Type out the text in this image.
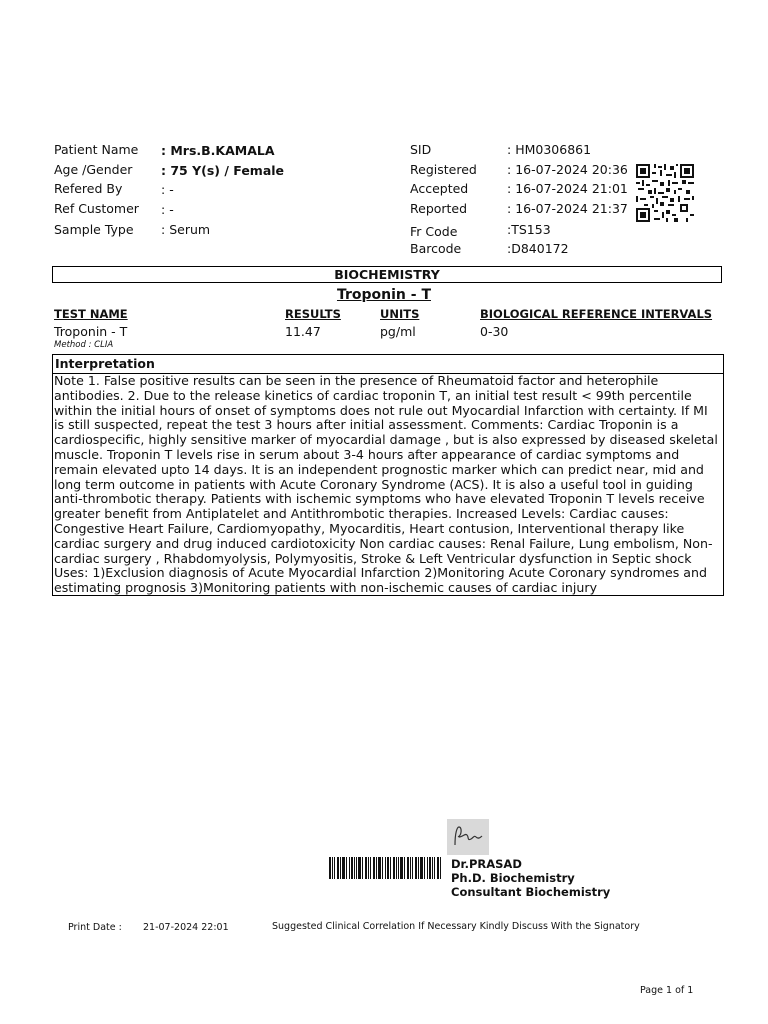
Patient Name : Mrs.B.KAMALA
Age /Gender : 75 Y(s) / Female
Refered By	: -
Ref Customer : -
Sample Type : Serum
SID	: HM0306861
Registered : 16-07-2024 20:36
Accepted	: 16-07-2024 21:01
Reported	: 16-07-2024 21:37
Fr Code	:TS153
Barcode	:D840172
BIOCHEMISTRY
Troponin - T
TEST NAME	RESULTS	UNITS	BIOLOGICAL REFERENCE INTERVALS
Troponin - T	11.47	pg/ml	0-30
Method : CLIA
Interpretation
Note 1. False positive results can be seen in the presence of Rheumatoid factor and heterophile
antibodies. 2. Due to the release kinetics of cardiac troponin T, an initial test result < 99th percentile
within the initial hours of onset of symptoms does not rule out Myocardial Infarction with certainty. If MI
is still suspected, repeat the test 3 hours after initial assessment. Comments: Cardiac Troponin is a
cardiospecific, highly sensitive marker of myocardial damage , but is also expressed by diseased skeletal
muscle. Troponin T levels rise in serum about 3-4 hours after appearance of cardiac symptoms and
remain elevated upto 14 days. It is an independent prognostic marker which can predict near, mid and
long term outcome in patients with Acute Coronary Syndrome (ACS). It is also a useful tool in guiding
anti-thrombotic therapy. Patients with ischemic symptoms who have elevated Troponin T levels receive
greater benefit from Antiplatelet and Antithrombotic therapies. Increased Levels: Cardiac causes:
Congestive Heart Failure, Cardiomyopathy, Myocarditis, Heart contusion, Interventional therapy like
cardiac surgery and drug induced cardiotoxicity Non cardiac causes: Renal Failure, Lung embolism, Non-
cardiac surgery , Rhabdomyolysis, Polymyositis, Stroke & Left Ventricular dysfunction in Septic shock
Uses: 1)Exclusion diagnosis of Acute Myocardial Infarction 2)Monitoring Acute Coronary syndromes and
estimating prognosis 3)Monitoring patients with non-ischemic causes of cardiac injury
Dr.PRASAD
Ph.D. Biochemistry
Consultant Biochemistry
Print Date : 21-07-2024 22:01	Suggested Clinical Correlation If Necessary Kindly Discuss With the Signatory
Page 1 of 1
